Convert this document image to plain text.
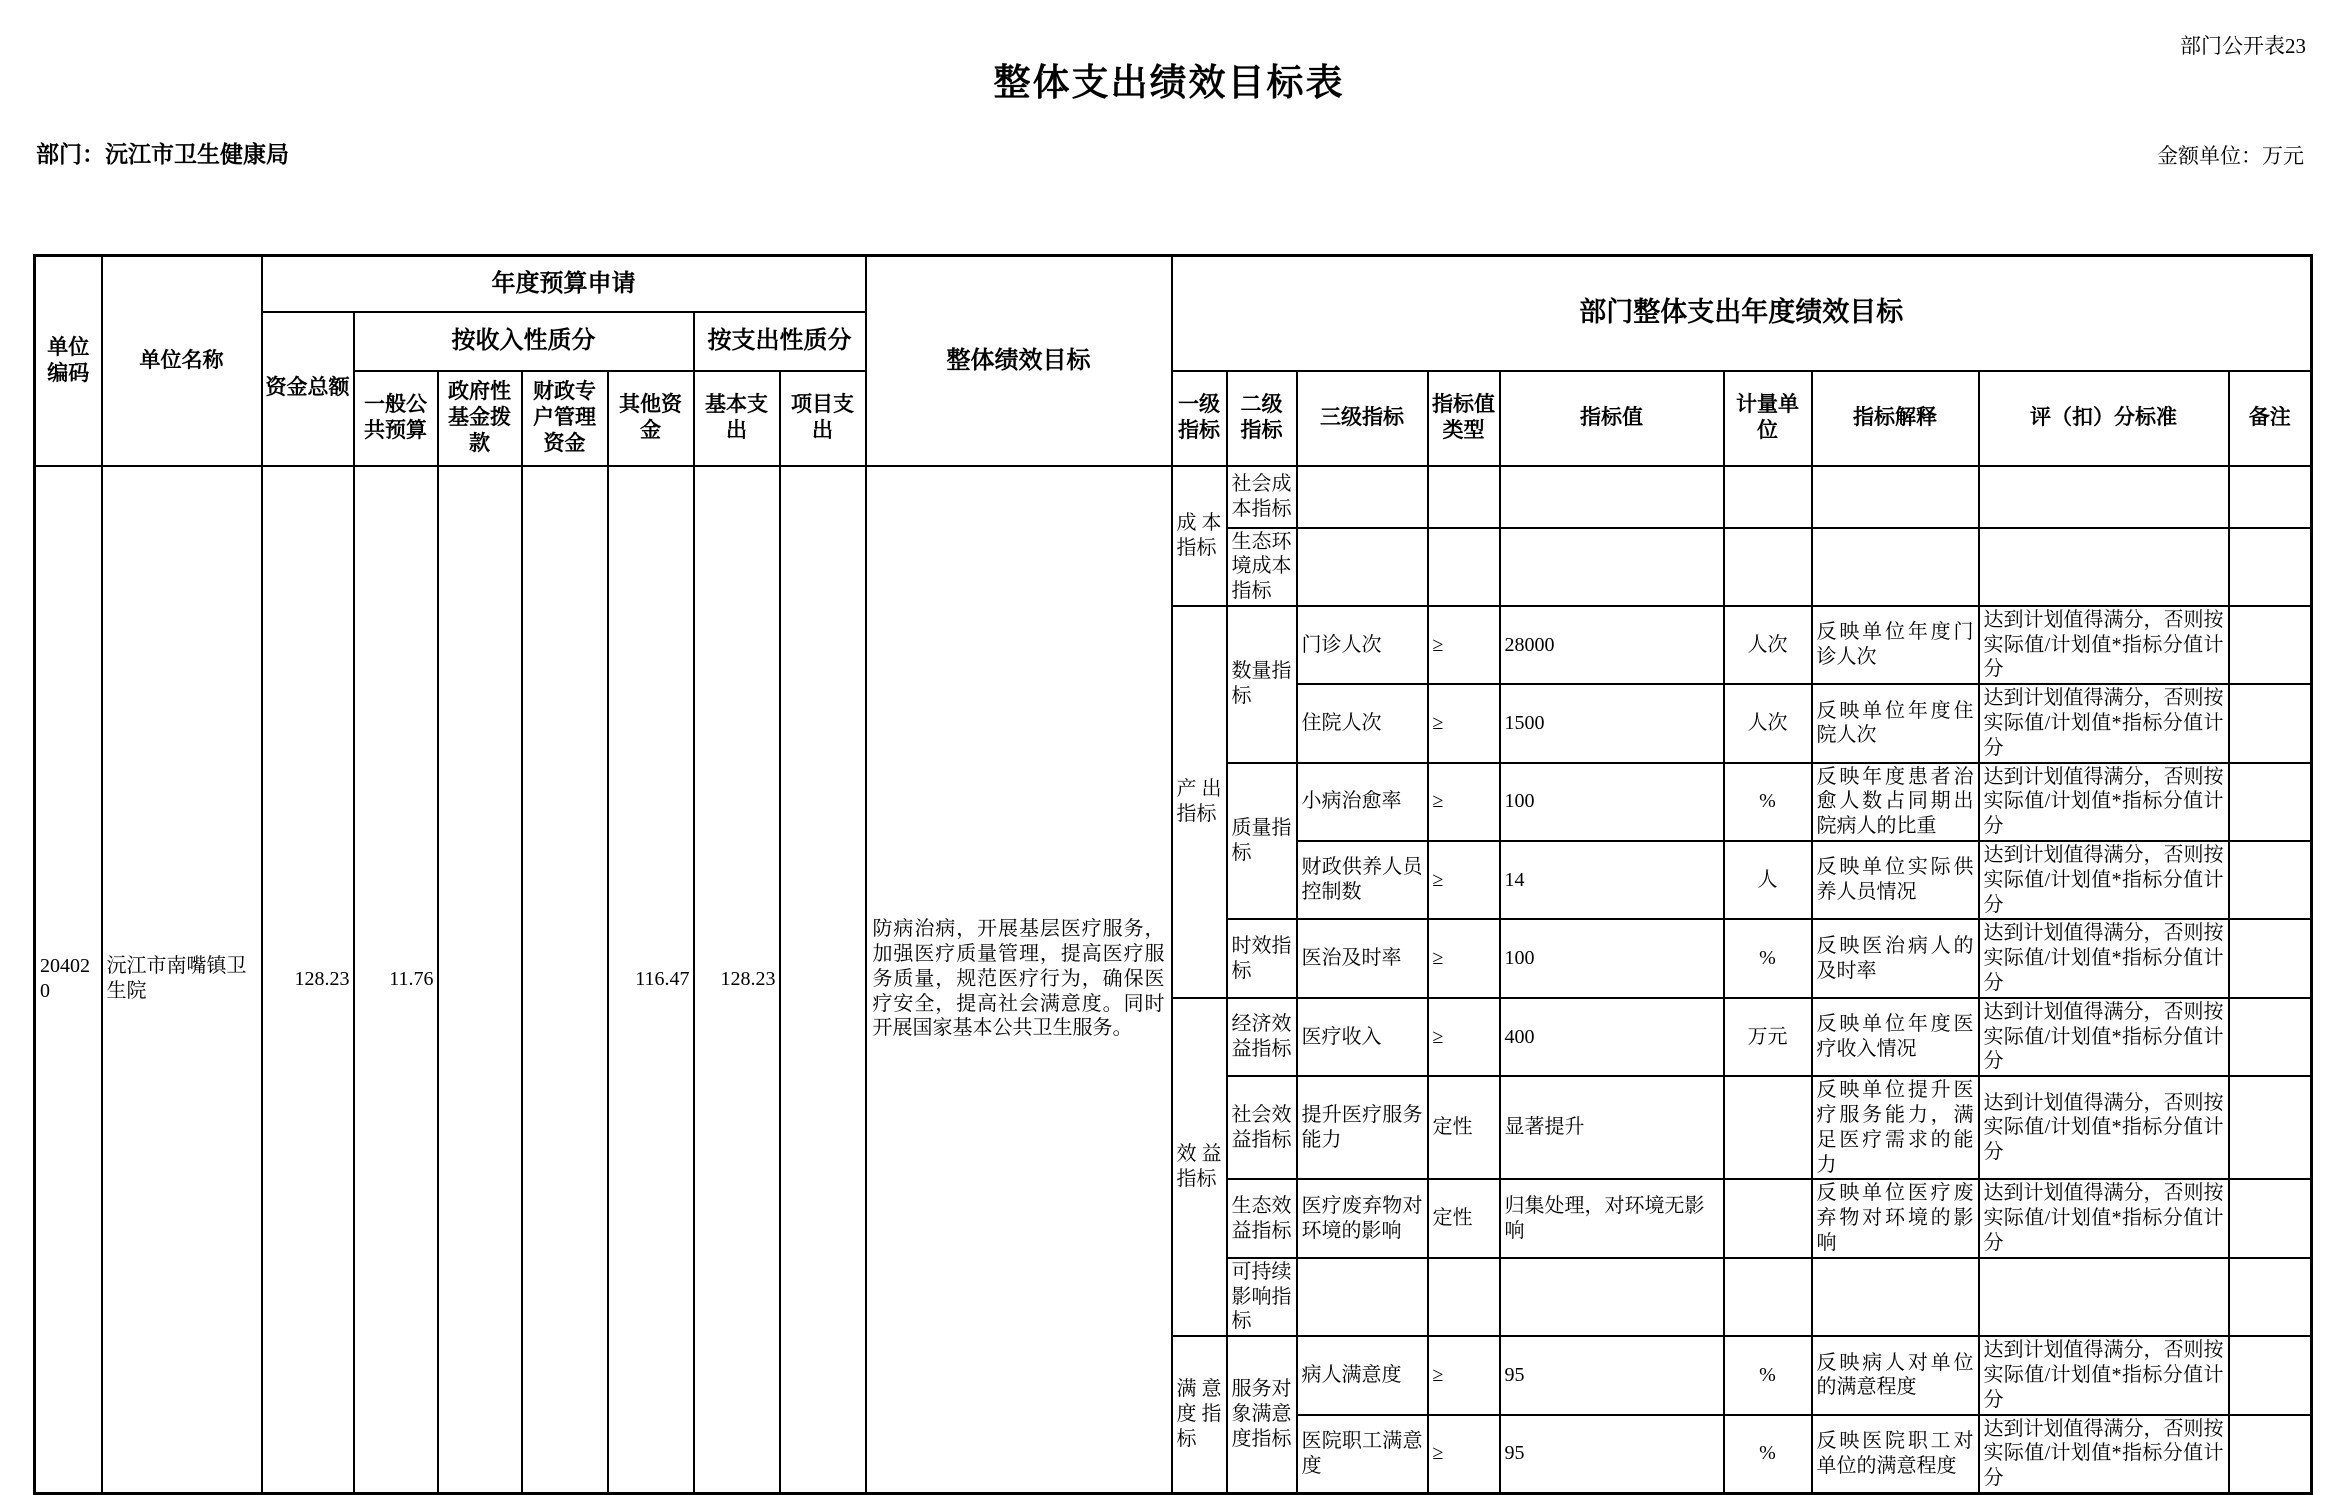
部门公开表23
整体支出绩效目标表
部门：沅江市卫生健康局	金额单位：万元
单位编码	单位名称	年度预算申请							整体绩效目标	部门整体支出年度绩效目标								
		资金总额	按收入性质分				按支出性质分											
			一般公共预算	政府性基金拨款	财政专户管理资金	其他资金	基本支出	项目支出		一级指标	二级指标	三级指标	指标值类型	指标值	计量单位	指标解释	评（扣）分标准	备注
204020	沅江市南嘴镇卫生院	128.23	11.76			116.47	128.23		防病治病，开展基层医疗服务，加强医疗质量管理，提高医疗服务质量，规范医疗行为，确保医疗安全，提高社会满意度。同时开展国家基本公共卫生服务。	成本指标	社会成本指标							
											生态环境成本指标							
										产出指标	数量指标	门诊人次	≥	28000	人次	反映单位年度门诊人次	达到计划值得满分，否则按实际值/计划值*指标分值计分	
												住院人次	≥	1500	人次	反映单位年度住院人次	达到计划值得满分，否则按实际值/计划值*指标分值计分	
											质量指标	小病治愈率	≥	100	%	反映年度患者治愈人数占同期出院病人的比重	达到计划值得满分，否则按实际值/计划值*指标分值计分	
												财政供养人员控制数	≥	14	人	反映单位实际供养人员情况	达到计划值得满分，否则按实际值/计划值*指标分值计分	
											时效指标	医治及时率	≥	100	%	反映医治病人的及时率	达到计划值得满分，否则按实际值/计划值*指标分值计分	
										效益指标	经济效益指标	医疗收入	≥	400	万元	反映单位年度医疗收入情况	达到计划值得满分，否则按实际值/计划值*指标分值计分	
											社会效益指标	提升医疗服务能力	定性	显著提升		反映单位提升医疗服务能力，满足医疗需求的能力	达到计划值得满分，否则按实际值/计划值*指标分值计分	
											生态效益指标	医疗废弃物对环境的影响	定性	归集处理，对环境无影响		反映单位医疗废弃物对环境的影响	达到计划值得满分，否则按实际值/计划值*指标分值计分	
											可持续影响指标							
										满意度指标	服务对象满意度指标	病人满意度	≥	95	%	反映病人对单位的满意程度	达到计划值得满分，否则按实际值/计划值*指标分值计分	
												医院职工满意度	≥	95	%	反映医院职工对单位的满意程度	达到计划值得满分，否则按实际值/计划值*指标分值计分	
